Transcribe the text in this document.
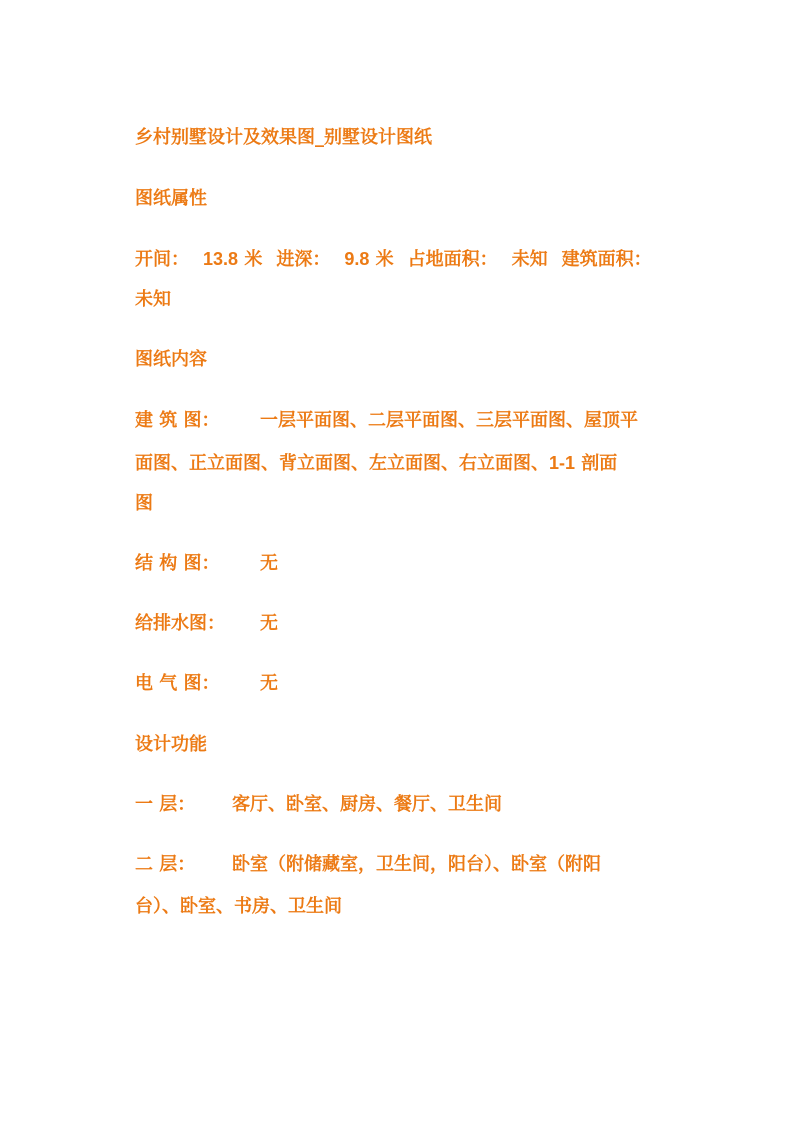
乡村别墅设计及效果图_别墅设计图纸
图纸属性
开间： 13.8 米 进深： 9.8 米 占地面积： 未知 建筑面积：
未知
图纸内容
建 筑 图： 一层平面图、二层平面图、三层平面图、屋顶平
面图、正立面图、背立面图、左立面图、右立面图、1-1 剖面
图
结 构 图： 无
给排水图： 无
电 气 图： 无
设计功能
一 层： 客厅、卧室、厨房、餐厅、卫生间
二 层： 卧室（附储藏室，卫生间，阳台）、卧室（附阳
台）、卧室、书房、卫生间
